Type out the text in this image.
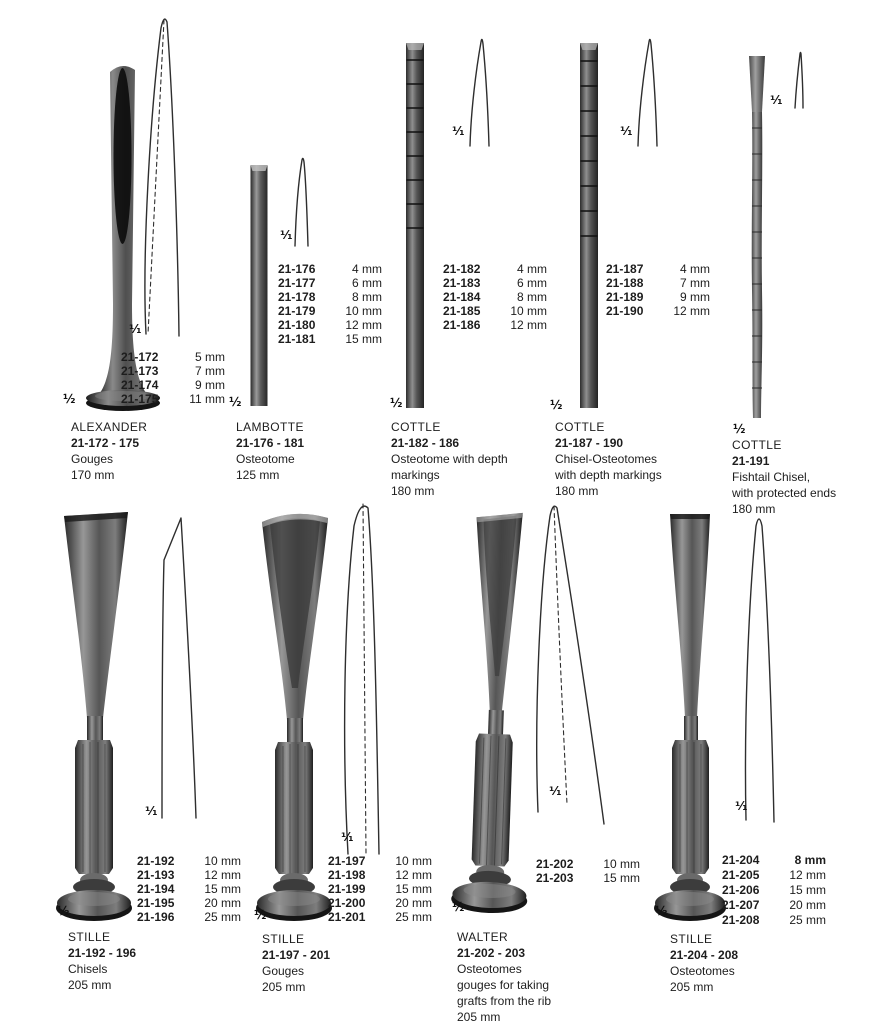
½
¹⁄₁
21-172	5 mm
21-173	7 mm
21-174	9 mm
21-175	11 mm
ALEXANDER
21-172 - 175
Gouges
170 mm
½
¹⁄₁
21-176	4 mm
21-177	6 mm
21-178	8 mm
21-179	10 mm
21-180	12 mm
21-181	15 mm
LAMBOTTE
21-176 - 181
Osteotome
125 mm
½
¹⁄₁
21-182	4 mm
21-183	6 mm
21-184	8 mm
21-185	10 mm
21-186	12 mm
COTTLE
21-182 - 186
Osteotome with depth
markings
180 mm
½
¹⁄₁
21-187	4 mm
21-188	7 mm
21-189	9 mm
21-190	12 mm
COTTLE
21-187 - 190
Chisel-Osteotomes
with depth markings
180 mm
½
¹⁄₁
COTTLE
21-191
Fishtail Chisel,
with protected ends
180 mm
½
¹⁄₁
21-192	10 mm
21-193	12 mm
21-194	15 mm
21-195	20 mm
21-196	25 mm
STILLE
21-192 - 196
Chisels
205 mm
½
¹⁄₁
21-197	10 mm
21-198	12 mm
21-199	15 mm
21-200	20 mm
21-201	25 mm
STILLE
21-197 - 201
Gouges
205 mm
½
¹⁄₁
21-202	10 mm
21-203	15 mm
WALTER
21-202 - 203
Osteotomes
gouges for taking
grafts from the rib
205 mm
½
¹⁄₁
21-204	8 mm
21-205	12 mm
21-206	15 mm
21-207	20 mm
21-208	25 mm
STILLE
21-204 - 208
Osteotomes
205 mm
